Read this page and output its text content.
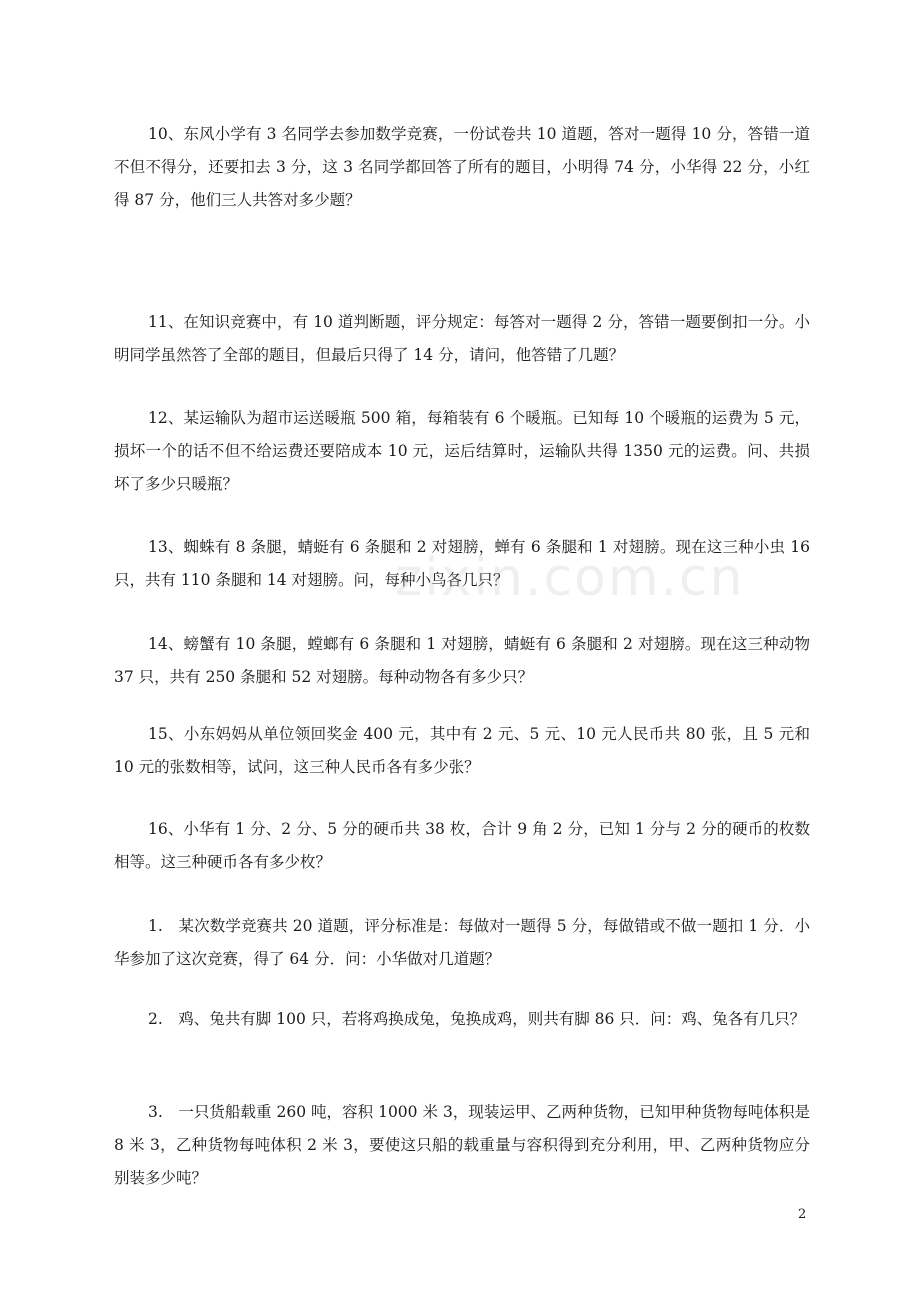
10、东风小学有 3 名同学去参加数学竞赛，一份试卷共 10 道题，答对一题得 10 分，答错一道不但不得分，还要扣去 3 分，这 3 名同学都回答了所有的题目，小明得 74 分，小华得 22 分，小红得 87 分，他们三人共答对多少题？

11、在知识竞赛中，有 10 道判断题，评分规定：每答对一题得 2 分，答错一题要倒扣一分。小明同学虽然答了全部的题目，但最后只得了 14 分，请问，他答错了几题？

12、某运输队为超市运送暖瓶 500 箱，每箱装有 6 个暖瓶。已知每 10 个暖瓶的运费为 5 元，损坏一个的话不但不给运费还要陪成本 10 元，运后结算时，运输队共得 1350 元的运费。问、共损坏了多少只暖瓶？

13、蜘蛛有 8 条腿，蜻蜓有 6 条腿和 2 对翅膀，蝉有 6 条腿和 1 对翅膀。现在这三种小虫 16 只，共有 110 条腿和 14 对翅膀。问，每种小鸟各几只？

14、螃蟹有 10 条腿，螳螂有 6 条腿和 1 对翅膀，蜻蜓有 6 条腿和 2 对翅膀。现在这三种动物 37 只，共有 250 条腿和 52 对翅膀。每种动物各有多少只？

15、小东妈妈从单位领回奖金 400 元，其中有 2 元、5 元、10 元人民币共 80 张，且 5 元和 10 元的张数相等，试问，这三种人民币各有多少张？

16、小华有 1 分、2 分、5 分的硬币共 38 枚，合计 9 角 2 分，已知 1 分与 2 分的硬币的枚数相等。这三种硬币各有多少枚？

1.　某次数学竞赛共 20 道题，评分标准是：每做对一题得 5 分，每做错或不做一题扣 1 分．小华参加了这次竞赛，得了 64 分．问：小华做对几道题？

2.　鸡、兔共有脚 100 只，若将鸡换成兔，兔换成鸡，则共有脚 86 只．问：鸡、兔各有几只？

3.　一只货船载重 260 吨，容积 1000 米 3，现装运甲、乙两种货物，已知甲种货物每吨体积是 8 米 3，乙种货物每吨体积 2 米 3，要使这只船的载重量与容积得到充分利用，甲、乙两种货物应分别装多少吨？

zixin.com.cn
2
